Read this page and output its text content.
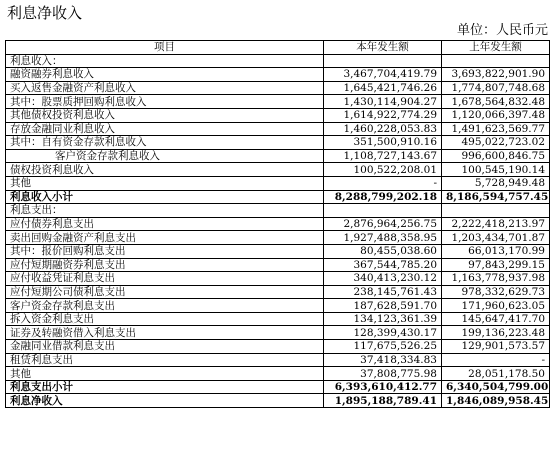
利息净收入
单位：人民币元
项目	本年发生额	上年发生额
利息收入：		
融资融券利息收入	3,467,704,419.79	3,693,822,901.90
买入返售金融资产利息收入	1,645,421,746.26	1,774,807,748.68
其中：股票质押回购利息收入	1,430,114,904.27	1,678,564,832.48
其他债权投资利息收入	1,614,922,774.29	1,120,066,397.48
存放金融同业利息收入	1,460,228,053.83	1,491,623,569.77
其中：自有资金存款利息收入	351,500,910.16	495,022,723.02
客户资金存款利息收入	1,108,727,143.67	996,600,846.75
债权投资利息收入	100,522,208.01	100,545,190.14
其他	-	5,728,949.48
利息收入小计	8,288,799,202.18	8,186,594,757.45
利息支出：		
应付债券利息支出	2,876,964,256.75	2,222,418,213.97
卖出回购金融资产利息支出	1,927,488,358.95	1,203,434,701.87
其中：报价回购利息支出	80,455,038.60	66,013,170.99
应付短期融资券利息支出	367,544,785.20	97,843,299.15
应付收益凭证利息支出	340,413,230.12	1,163,778,937.98
应付短期公司债利息支出	238,145,761.43	978,332,629.73
客户资金存款利息支出	187,628,591.70	171,960,623.05
拆入资金利息支出	134,123,361.39	145,647,417.70
证券及转融资借入利息支出	128,399,430.17	199,136,223.48
金融同业借款利息支出	117,675,526.25	129,901,573.57
租赁利息支出	37,418,334.83	-
其他	37,808,775.98	28,051,178.50
利息支出小计	6,393,610,412.77	6,340,504,799.00
利息净收入	1,895,188,789.41	1,846,089,958.45
